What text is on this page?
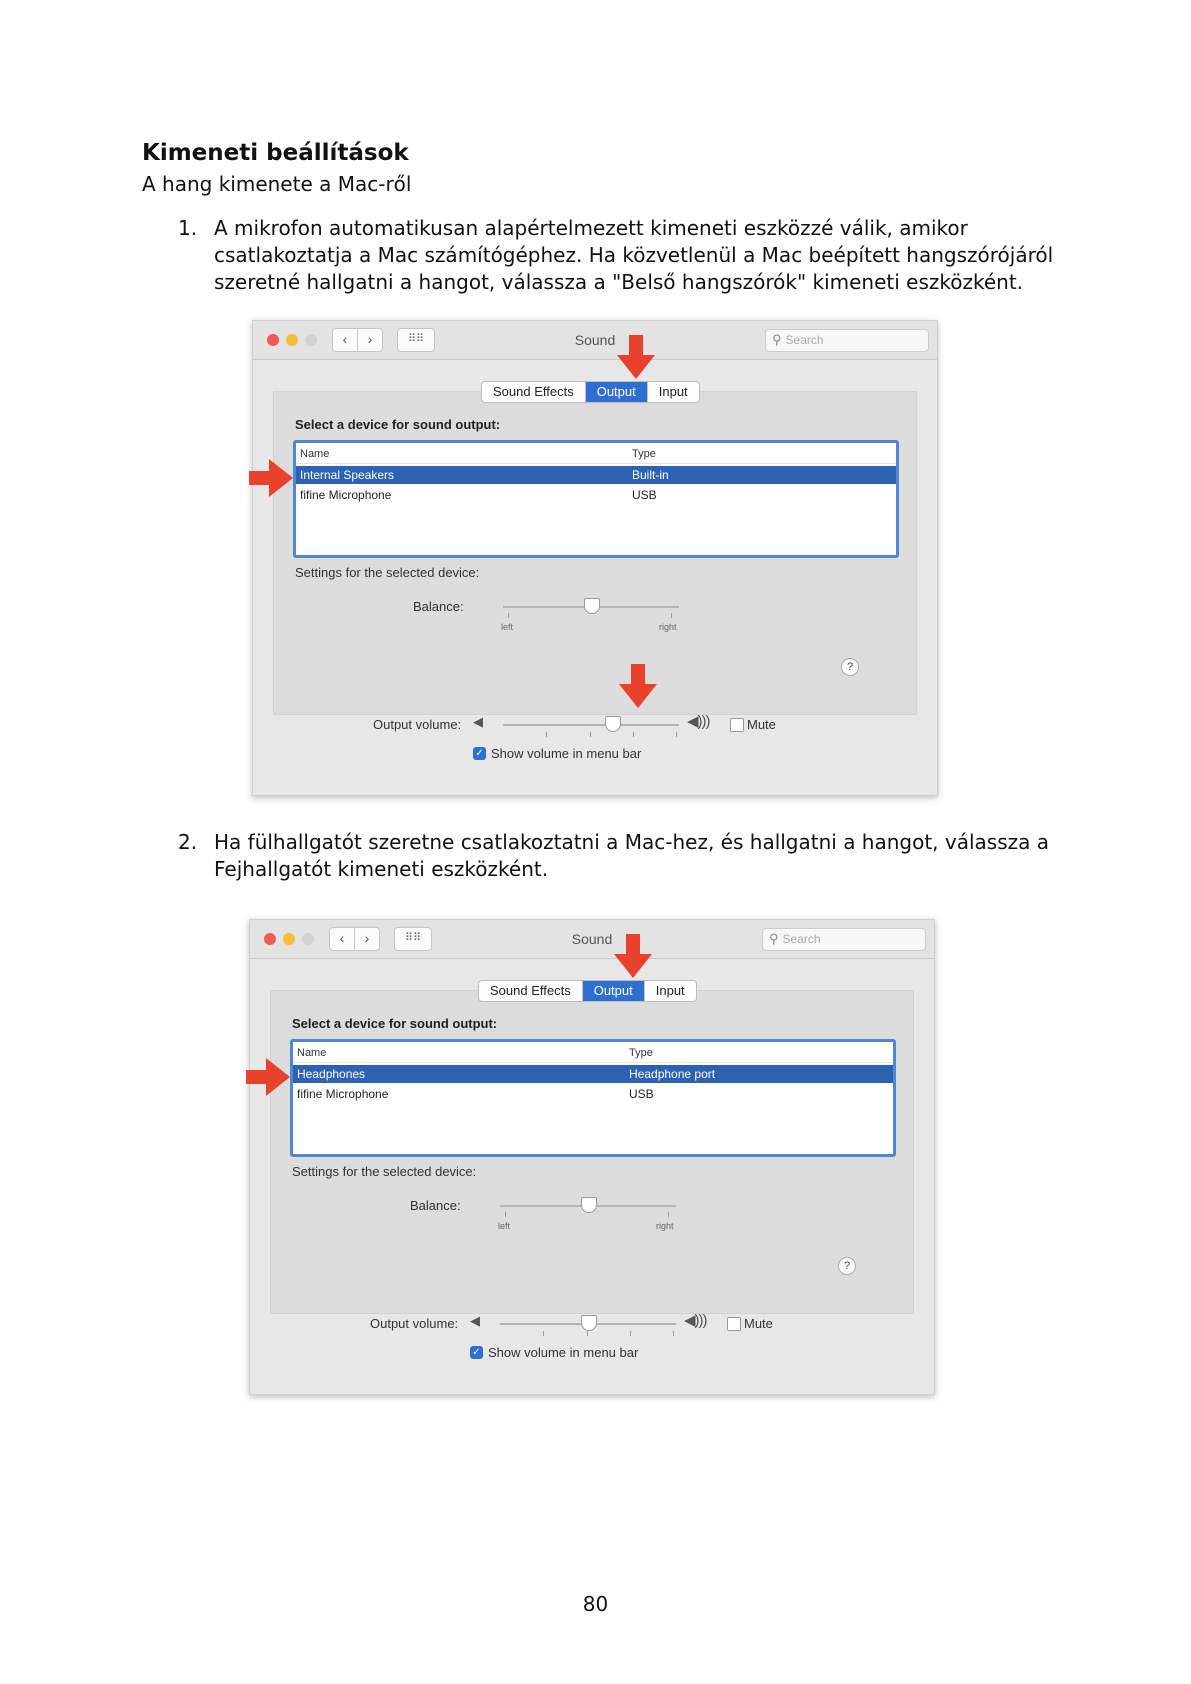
Kimeneti beállítások

A hang kimenete a Mac-ről

1. A mikrofon automatikusan alapértelmezett kimeneti eszközzé válik, amikor csatlakoztatja a Mac számítógéphez. Ha közvetlenül a Mac beépített hangszórójáról szeretné hallgatni a hangot, válassza a "Belső hangszórók" kimeneti eszközként.
‹	›	⠿⠿	Sound	⚲ Search
Sound Effects	Output	Input
Select a device for sound output:
Name	Type
Internal Speakers	Built-in
fifine Microphone	USB
Settings for the selected device:
Balance:
left	right
?
Output volume: ◀	◀)))	Mute
✓ Show volume in menu bar
2. Ha fülhallgatót szeretne csatlakoztatni a Mac-hez, és hallgatni a hangot, válassza a Fejhallgatót kimeneti eszközként.
‹	›	⠿⠿	Sound	⚲ Search
Sound Effects	Output	Input
Select a device for sound output:
Name	Type
Headphones	Headphone port
fifine Microphone	USB
Settings for the selected device:
Balance:
left	right
?
Output volume: ◀	◀)))	Mute
✓ Show volume in menu bar
80
